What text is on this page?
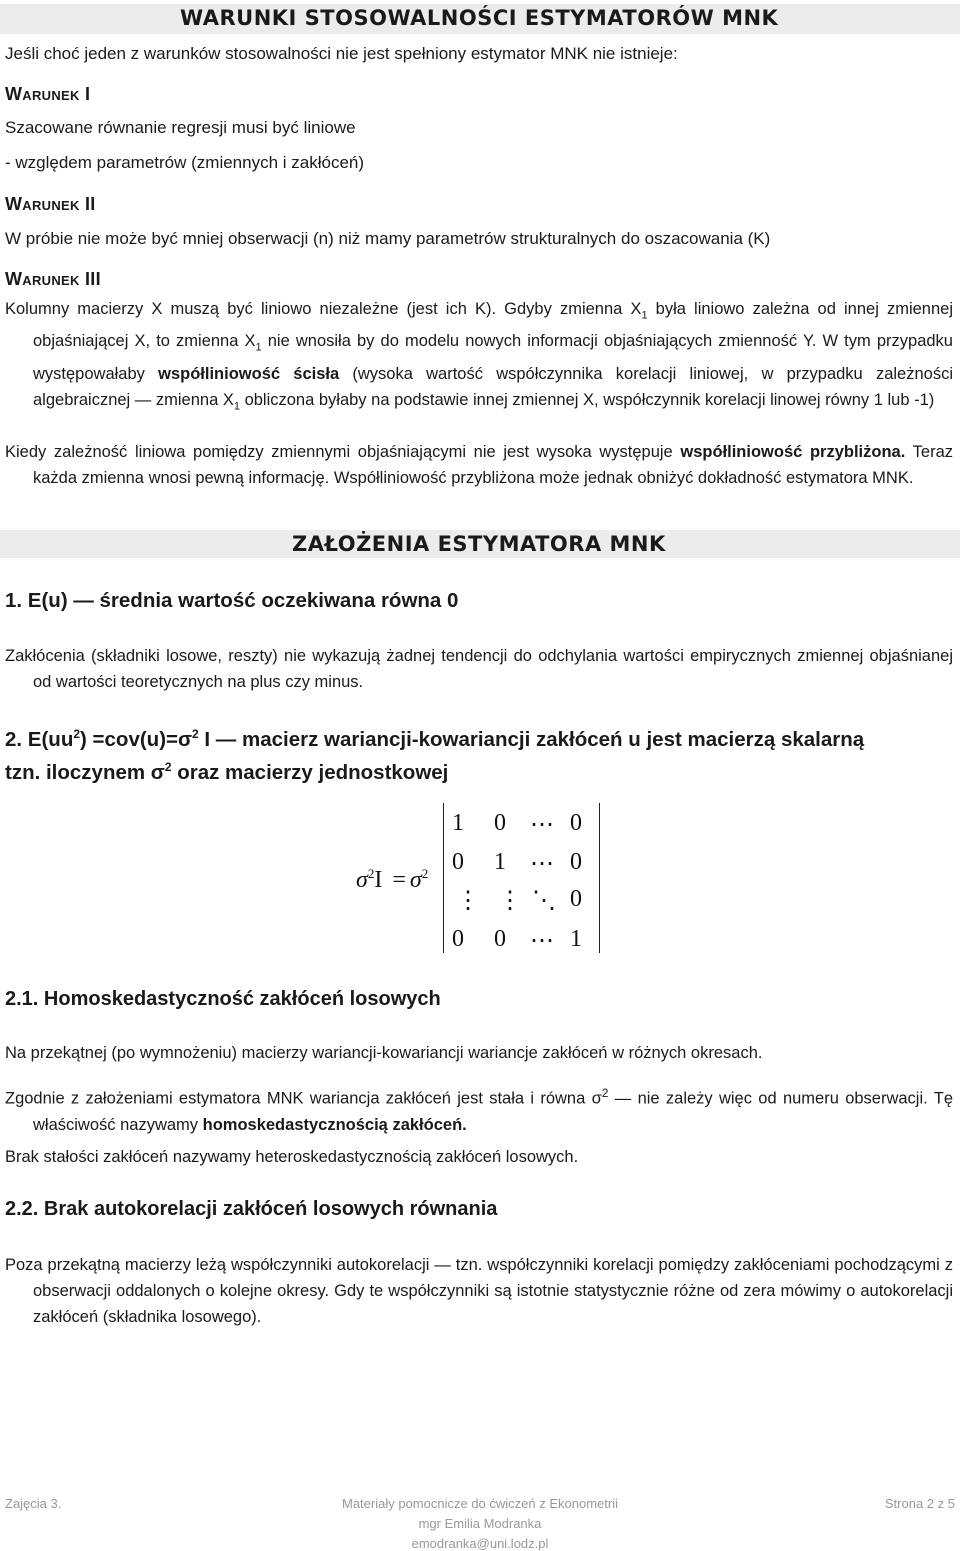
WARUNKI STOSOWALNOŚCI ESTYMATORÓW MNK
Jeśli choć jeden z warunków stosowalności nie jest spełniony estymator MNK nie istnieje:
Warunek I
Szacowane równanie regresji musi być liniowe
- względem parametrów (zmiennych i zakłóceń)
Warunek II
W próbie nie może być mniej obserwacji (n) niż mamy parametrów strukturalnych do oszacowania (K)
Warunek III
Kolumny macierzy X muszą być liniowo niezależne (jest ich K). Gdyby zmienna $X_1$ była liniowo zależna od innej zmiennej objaśniającej X, to zmienna $X_1$ nie wnosiła by do modelu nowych informacji objaśniających zmienność Y. W tym przypadku występowałaby współliniowość ścisła (wysoka wartość współczynnika korelacji liniowej, w przypadku zależności algebraicznej — zmienna $X_1$ obliczona byłaby na podstawie innej zmiennej X, współczynnik korelacji linowej równy 1 lub -1)
Kiedy zależność liniowa pomiędzy zmiennymi objaśniającymi nie jest wysoka występuje współliniowość przybliżona. Teraz każda zmienna wnosi pewną informację. Współliniowość przybliżona może jednak obniżyć dokładność estymatora MNK.
ZAŁOŻENIA ESTYMATORA MNK
1. E(u) — średnia wartość oczekiwana równa 0
Zakłócenia (składniki losowe, reszty) nie wykazują żadnej tendencji do odchylania wartości empirycznych zmiennej objaśnianej od wartości teoretycznych na plus czy minus.
2. $E(uu^2) =cov(u)=\sigma^2$ I — macierz wariancji-kowariancji zakłóceń u jest macierzą skalarną
tzn. iloczynem $\sigma^2$ oraz macierzy jednostkowej
$\sigma^2I = \sigma^2$
1 0 ⋯ 0
0 1 ⋯ 0
⋮ ⋮ ⋱ 0
0 0 ⋯ 1
2.1. Homoskedastyczność zakłóceń losowych
Na przekątnej (po wymnożeniu) macierzy wariancji-kowariancji wariancje zakłóceń w różnych okresach.
Zgodnie z założeniami estymatora MNK wariancja zakłóceń jest stała i równa $\sigma^2$ — nie zależy więc od numeru obserwacji. Tę właściwość nazywamy homoskedastycznością zakłóceń.
Brak stałości zakłóceń nazywamy heteroskedastycznością zakłóceń losowych.
2.2. Brak autokorelacji zakłóceń losowych równania
Poza przekątną macierzy leżą współczynniki autokorelacji — tzn. współczynniki korelacji pomiędzy zakłóceniami pochodzącymi z obserwacji oddalonych o kolejne okresy. Gdy te współczynniki są istotnie statystycznie różne od zera mówimy o autokorelacji zakłóceń (składnika losowego).
Zajęcia 3.	Materiały pomocnicze do ćwiczeń z Ekonometrii
mgr Emilia Modranka
emodranka@uni.lodz.pl
Strona 2 z 5
